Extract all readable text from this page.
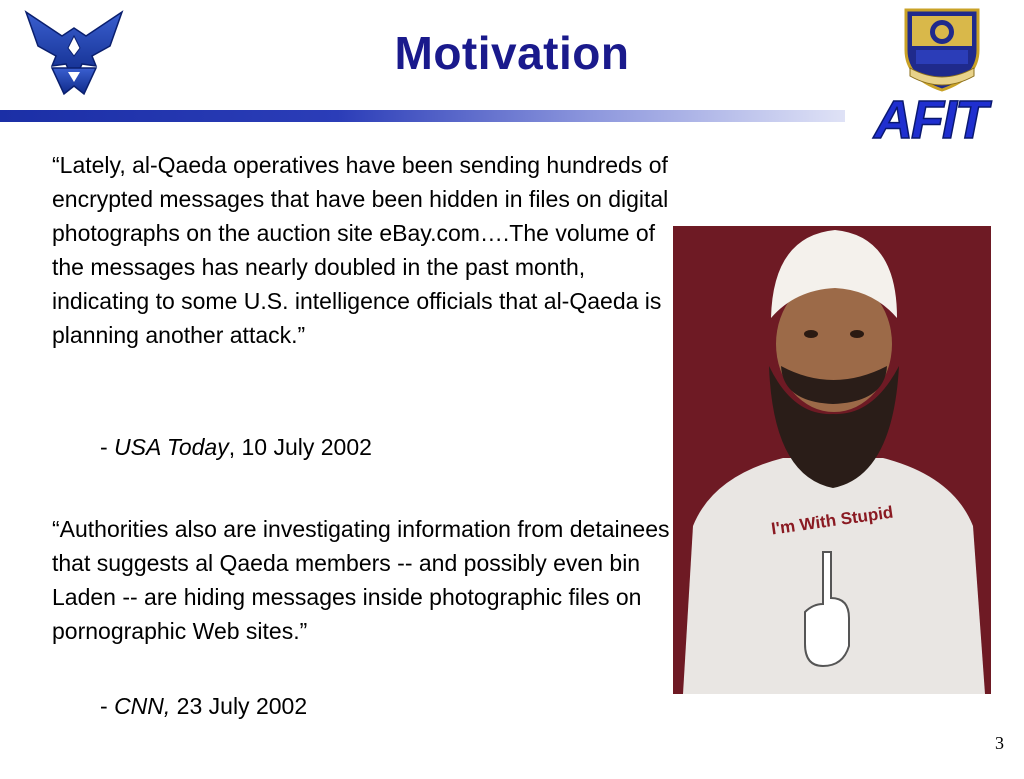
Motivation
AFIT
“Lately, al-Qaeda operatives have been sending hundreds of encrypted messages that have been hidden in files on digital photographs on the auction site eBay.com….The volume of the messages has nearly doubled in the past month, indicating to some U.S. intelligence officials that al-Qaeda is planning another attack.”
- USA Today, 10 July 2002
“Authorities also are investigating information from detainees that suggests al Qaeda members -- and possibly even bin Laden -- are hiding messages inside photographic files on pornographic Web sites.”
- CNN, 23 July 2002
I'm With Stupid
3
